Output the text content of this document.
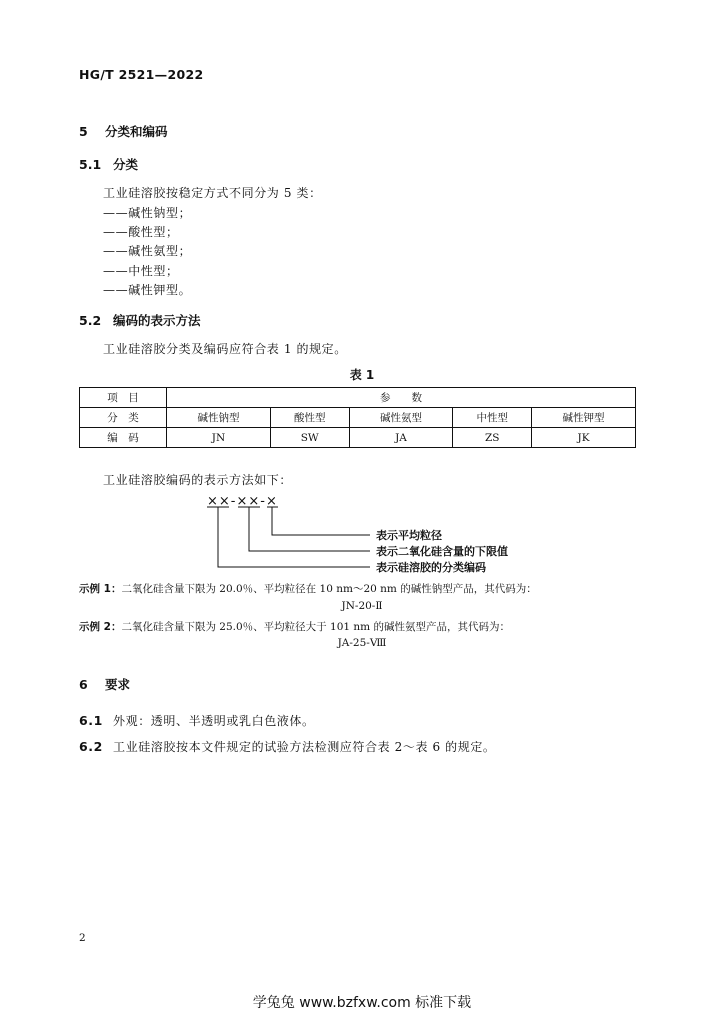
HG/T 2521—2022
5 分类和编码
5.1 分类
工业硅溶胶按稳定方式不同分为 5 类：
——碱性钠型；
——酸性型；
——碱性氨型；
——中性型；
——碱性钾型。
5.2 编码的表示方法
工业硅溶胶分类及编码应符合表 1 的规定。
表 1
项　目	参　　数				
分　类	碱性钠型	酸性型	碱性氨型	中性型	碱性钾型
编　码	JN	SW	JA	ZS	JK
工业硅溶胶编码的表示方法如下：
××-××-×
表示平均粒径
表示二氧化硅含量的下限值
表示硅溶胶的分类编码
示例 1：二氧化硅含量下限为 20.0％、平均粒径在 10 nm～20 nm 的碱性钠型产品，其代码为：
JN-20-Ⅱ
示例 2：二氧化硅含量下限为 25.0％、平均粒径大于 101 nm 的碱性氨型产品，其代码为：
JA-25-Ⅷ
6 要求
6.1 外观：透明、半透明或乳白色液体。
6.2 工业硅溶胶按本文件规定的试验方法检测应符合表 2～表 6 的规定。
2
学兔兔 www.bzfxw.com 标准下载
